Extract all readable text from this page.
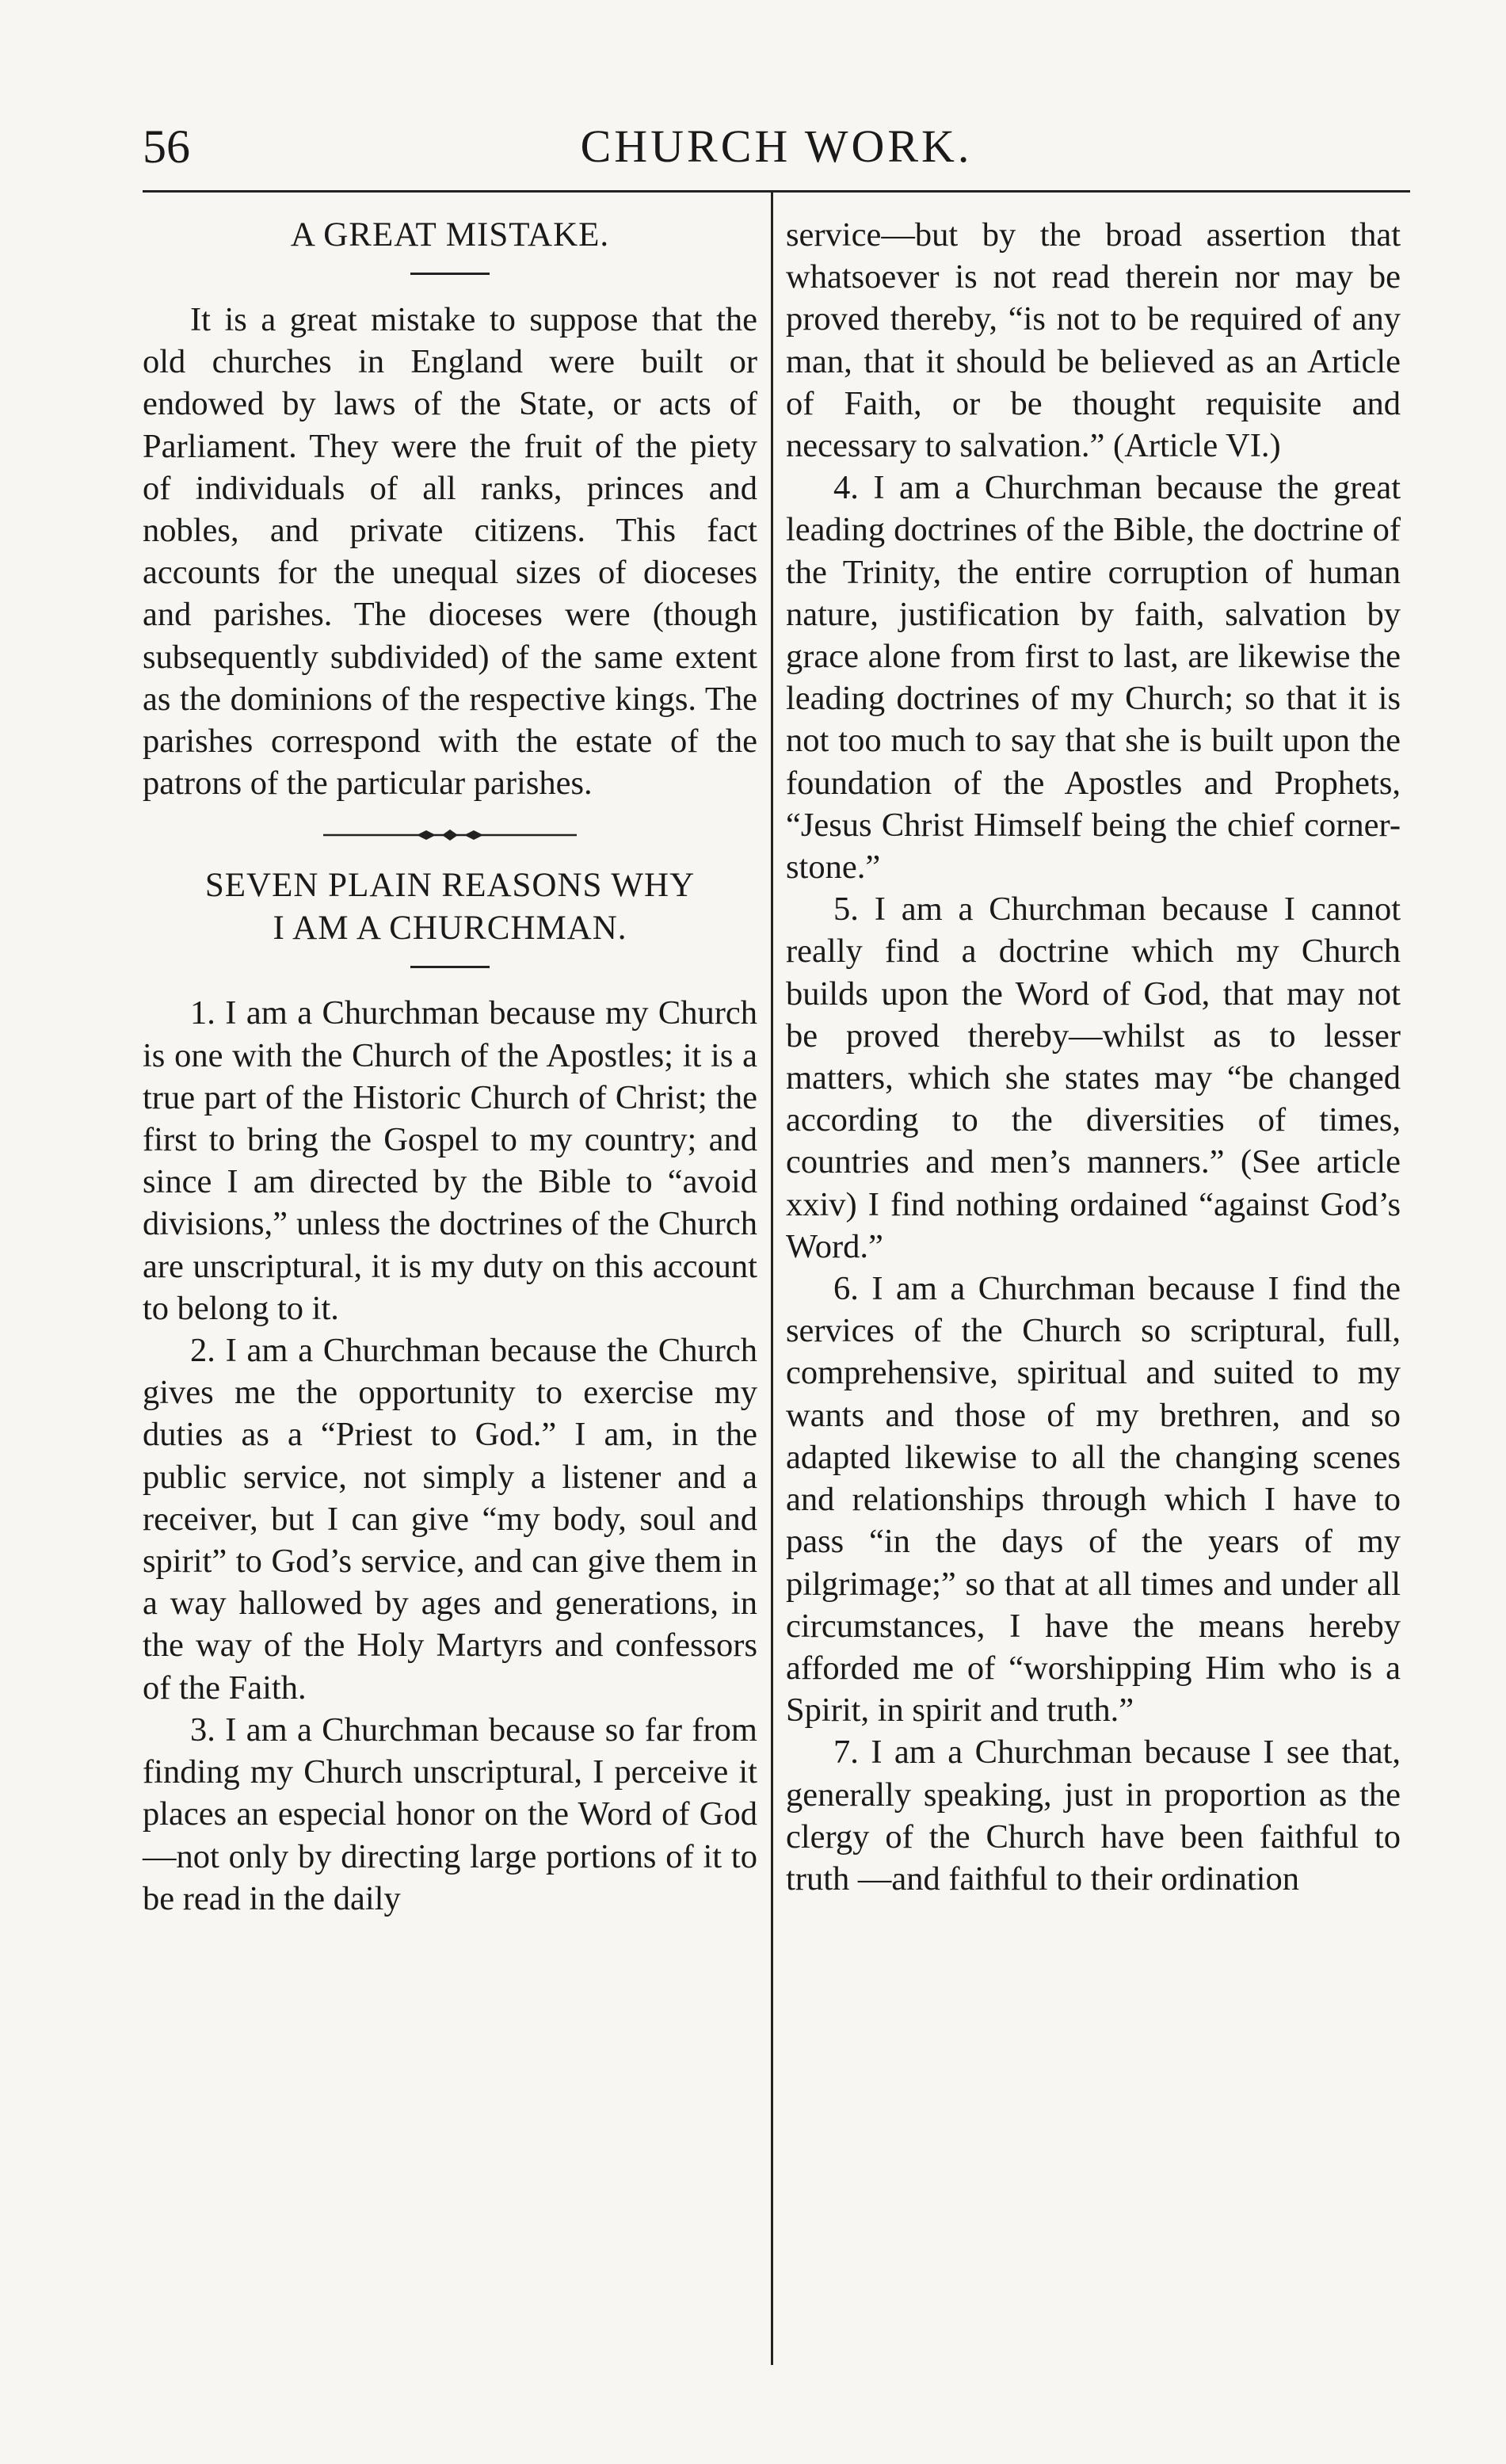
56	CHURCH WORK.

A GREAT MISTAKE.

It is a great mistake to suppose that the old churches in England were built or endowed by laws of the State, or acts of Parliament. They were the fruit of the piety of individuals of all ranks, princes and nobles, and private citizens. This fact accounts for the unequal sizes of dioceses and parishes. The dioceses were (though subsequently subdivided) of the same extent as the dominions of the respective kings. The parishes correspond with the estate of the patrons of the particular parishes.

SEVEN PLAIN REASONS WHY

I AM A CHURCHMAN.

1. I am a Churchman because my Church is one with the Church of the Apostles; it is a true part of the Historic Church of Christ; the first to bring the Gospel to my country; and since I am directed by the Bible to “avoid divisions,” unless the doctrines of the Church are unscriptural, it is my duty on this account to belong to it.

2. I am a Churchman because the Church gives me the opportunity to exercise my duties as a “Priest to God.” I am, in the public service, not simply a listener and a receiver, but I can give “my body, soul and spirit” to God’s service, and can give them in a way hallowed by ages and generations, in the way of the Holy Martyrs and confessors of the Faith.

3. I am a Churchman because so far from finding my Church unscriptural, I perceive it places an especial honor on the Word of God —not only by directing large portions of it to be read in the daily

service—but by the broad assertion that whatsoever is not read therein nor may be proved thereby, “is not to be required of any man, that it should be believed as an Article of Faith, or be thought requisite and necessary to salvation.” (Article VI.)

4. I am a Churchman because the great leading doctrines of the Bible, the doctrine of the Trinity, the entire corruption of human nature, justification by faith, salvation by grace alone from first to last, are likewise the leading doctrines of my Church; so that it is not too much to say that she is built upon the foundation of the Apostles and Prophets, “Jesus Christ Himself being the chief corner-stone.”

5. I am a Churchman because I cannot really find a doctrine which my Church builds upon the Word of God, that may not be proved thereby—whilst as to lesser matters, which she states may “be changed according to the diversities of times, countries and men’s manners.” (See article xxiv) I find nothing ordained “against God’s Word.”

6. I am a Churchman because I find the services of the Church so scriptural, full, comprehensive, spiritual and suited to my wants and those of my brethren, and so adapted likewise to all the changing scenes and relationships through which I have to pass “in the days of the years of my pilgrimage;” so that at all times and under all circumstances, I have the means hereby afforded me of “worshipping Him who is a Spirit, in spirit and truth.”

7. I am a Churchman because I see that, generally speaking, just in proportion as the clergy of the Church have been faithful to truth —and faithful to their ordination
